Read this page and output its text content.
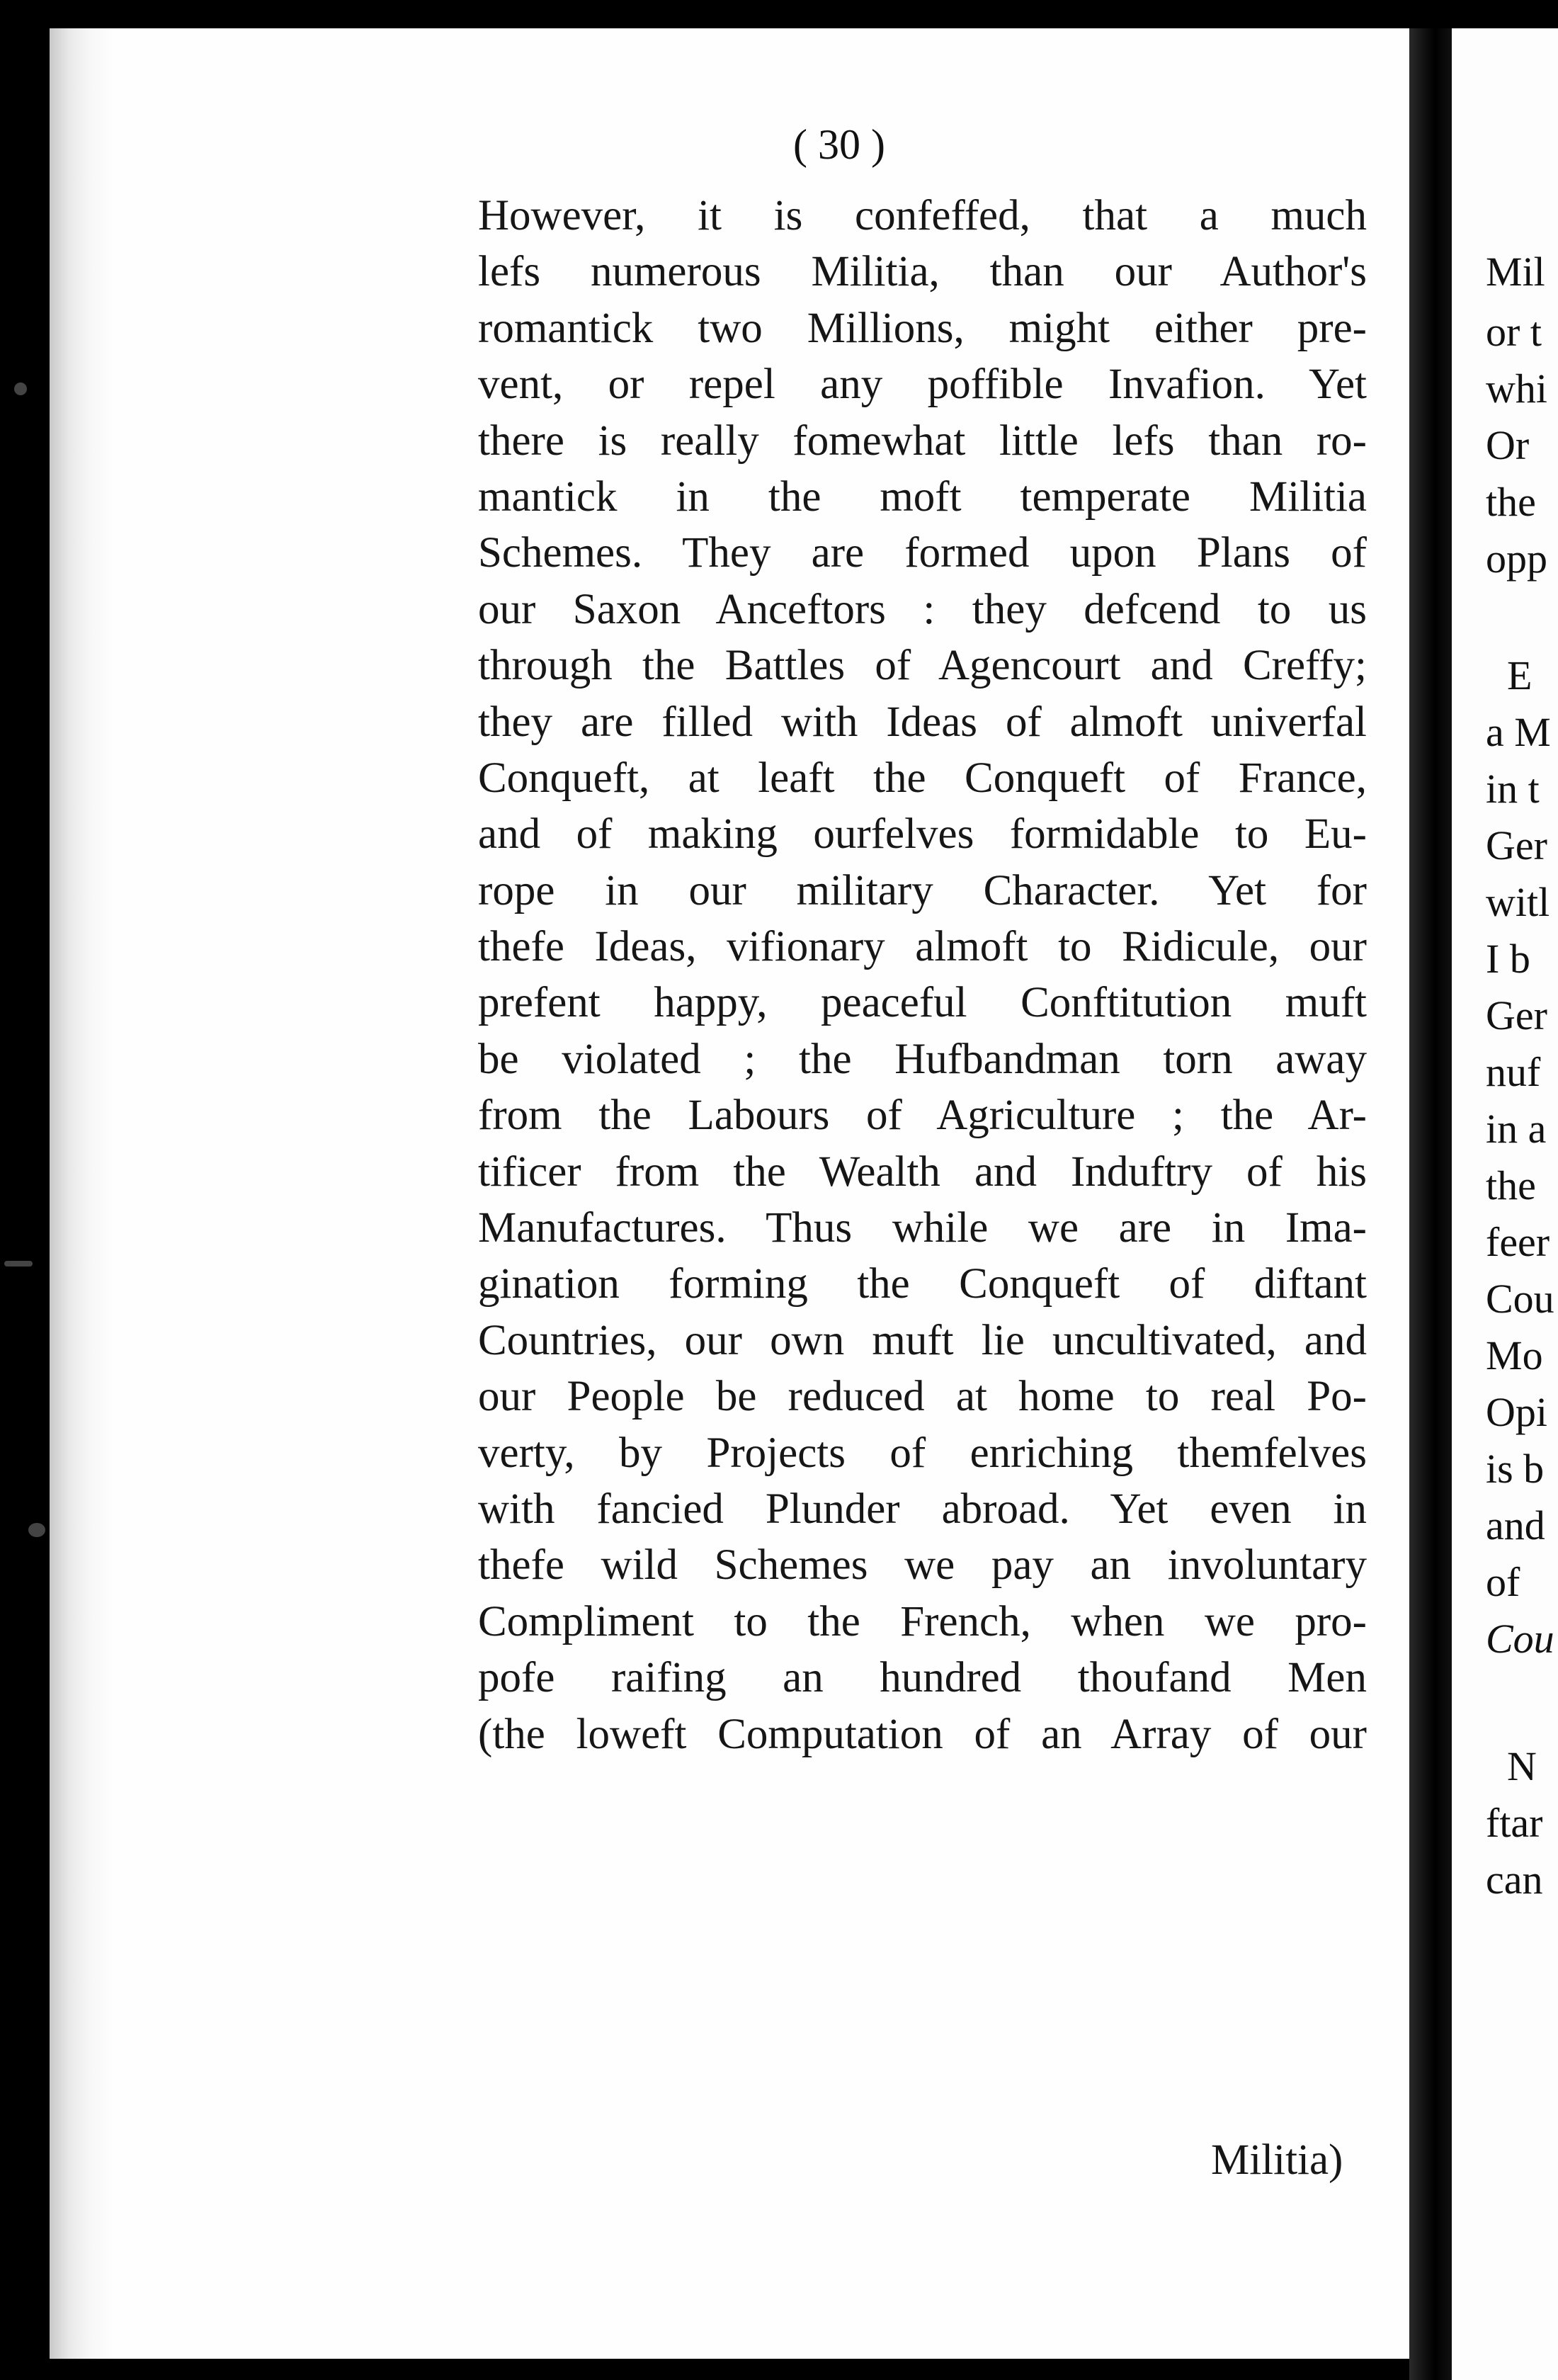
( 30 )
However, it is confeffed, that a much
lefs numerous Militia, than our Author's
romantick two Millions, might either pre-
vent, or repel any poffible Invafion. Yet
there is really fomewhat little lefs than ro-
mantick in the moft temperate Militia
Schemes. They are formed upon Plans of
our Saxon Anceftors : they defcend to us
through the Battles of Agencourt and Creffy;
they are filled with Ideas of almoft univerfal
Conqueft, at leaft the Conqueft of France,
and of making ourfelves formidable to Eu-
rope in our military Character. Yet for
thefe Ideas, vifionary almoft to Ridicule, our
prefent happy, peaceful Conftitution muft
be violated ; the Hufbandman torn away
from the Labours of Agriculture ; the Ar-
tificer from the Wealth and Induftry of his
Manufactures. Thus while we are in Ima-
gination forming the Conqueft of diftant
Countries, our own muft lie uncultivated, and
our People be reduced at home to real Po-
verty, by Projects of enriching themfelves
with fancied Plunder abroad. Yet even in
thefe wild Schemes we pay an involuntary
Compliment to the French, when we pro-
pofe raifing an hundred thoufand Men
(the loweft Computation of an Array of our
Militia)
Mil
or t
whi
Or
the
opp
E
a M
in t
Ger
witl
I b
Ger
nuf
in a
the
feer
Cou
Mo
Opi
is b
and
of
Cou
N
ftar
can
